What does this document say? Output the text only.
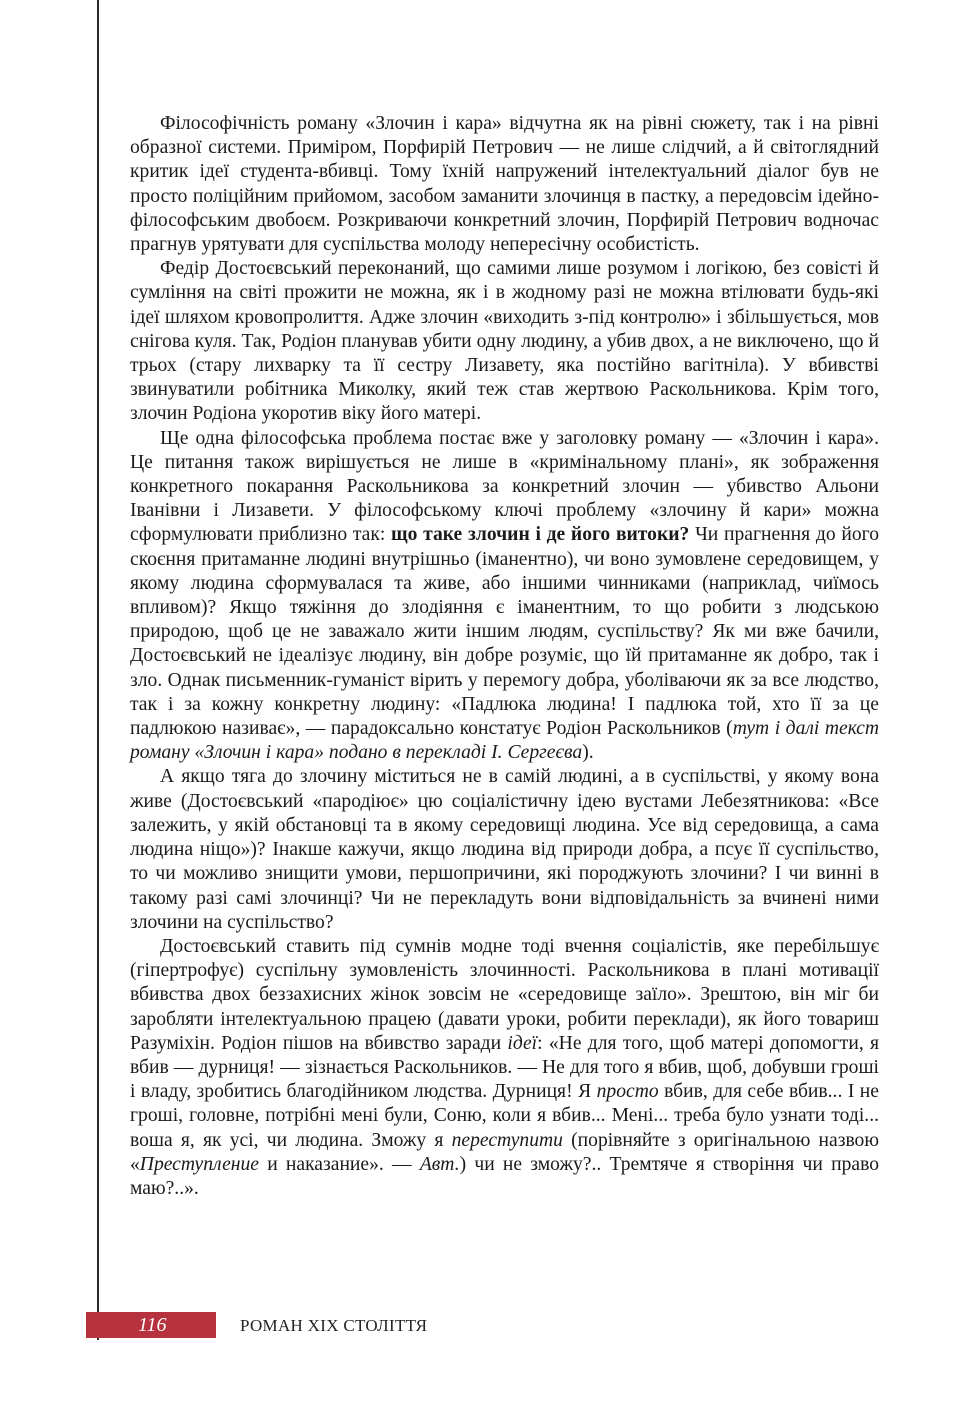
Філософічність роману «Злочин і кара» відчутна як на рівні сюжету, так і на рівні образної системи. Приміром, Порфирій Петрович — не лише слідчий, а й світоглядний критик ідеї студента-вбивці. Тому їхній напружений інтелектуальний діалог був не просто поліційним прийомом, засобом заманити злочинця в пастку, а передовсім ідейно-філософським двобоєм. Розкриваючи конкретний злочин, Порфирій Петрович водночас прагнув урятувати для суспільства молоду непересічну особистість.

Федір Достоєвський переконаний, що самими лише розумом і логікою, без совісті й сумління на світі прожити не можна, як і в жодному разі не можна втілювати будь-які ідеї шляхом кровопролиття. Адже злочин «виходить з-під контролю» і збільшується, мов снігова куля. Так, Родіон планував убити одну людину, а убив двох, а не виключено, що й трьох (стару лихварку та її сестру Лизавету, яка постійно вагітніла). У вбивстві звинуватили робітника Миколку, який теж став жертвою Раскольникова. Крім того, злочин Родіона укоротив віку його матері.

Ще одна філософська проблема постає вже у заголовку роману — «Злочин і кара». Це питання також вирішується не лише в «кримінальному плані», як зображення конкретного покарання Раскольникова за конкретний злочин — убивство Альони Іванівни і Лизавети. У філософському ключі проблему «злочину й кари» можна сформулювати приблизно так: що таке злочин і де його витоки? Чи прагнення до його скоєння притаманне людині внутрішньо (іманентно), чи воно зумовлене середовищем, у якому людина сформувалася та живе, або іншими чинниками (наприклад, чиїмось впливом)? Якщо тяжіння до злодіяння є іманентним, то що робити з людською природою, щоб це не заважало жити іншим людям, суспільству? Як ми вже бачили, Достоєвський не ідеалізує людину, він добре розуміє, що їй притаманне як добро, так і зло. Однак письменник-гуманіст вірить у перемогу добра, уболіваючи як за все людство, так і за кожну конкретну людину: «Падлюка людина! І падлюка той, хто її за це падлюкою називає», — парадоксально констатує Родіон Раскольников (тут і далі текст роману «Злочин і кара» подано в перекладі І. Сергеєва).

А якщо тяга до злочину міститься не в самій людині, а в суспільстві, у якому вона живе (Достоєвський «пародіює» цю соціалістичну ідею вустами Лебезятникова: «Все залежить, у якій обстановці та в якому середовищі людина. Усе від середовища, а сама людина ніщо»)? Інакше кажучи, якщо людина від природи добра, а псує її суспільство, то чи можливо знищити умови, першопричини, які породжують злочини? І чи винні в такому разі самі злочинці? Чи не перекладуть вони відповідальність за вчинені ними злочини на суспільство?

Достоєвський ставить під сумнів модне тоді вчення соціалістів, яке перебільшує (гіпертрофує) суспільну зумовленість злочинності. Раскольникова в плані мотивації вбивства двох беззахисних жінок зовсім не «середовище заїло». Зрештою, він міг би заробляти інтелектуальною працею (давати уроки, робити переклади), як його товариш Разуміхін. Родіон пішов на вбивство заради ідеї: «Не для того, щоб матері допомогти, я вбив — дурниця! — зізнається Раскольников. — Не для того я вбив, щоб, добувши гроші і владу, зробитись благодійником людства. Дурниця! Я просто вбив, для себе вбив... І не гроші, головне, потрібні мені були, Соню, коли я вбив... Мені... треба було узнати тоді... воша я, як усі, чи людина. Зможу я переступити (порівняйте з оригінальною назвою «Преступление и наказание». — Авт.) чи не зможу?.. Тремтяче я створіння чи право маю?..».

116	РОМАН XIX СТОЛІТТЯ
